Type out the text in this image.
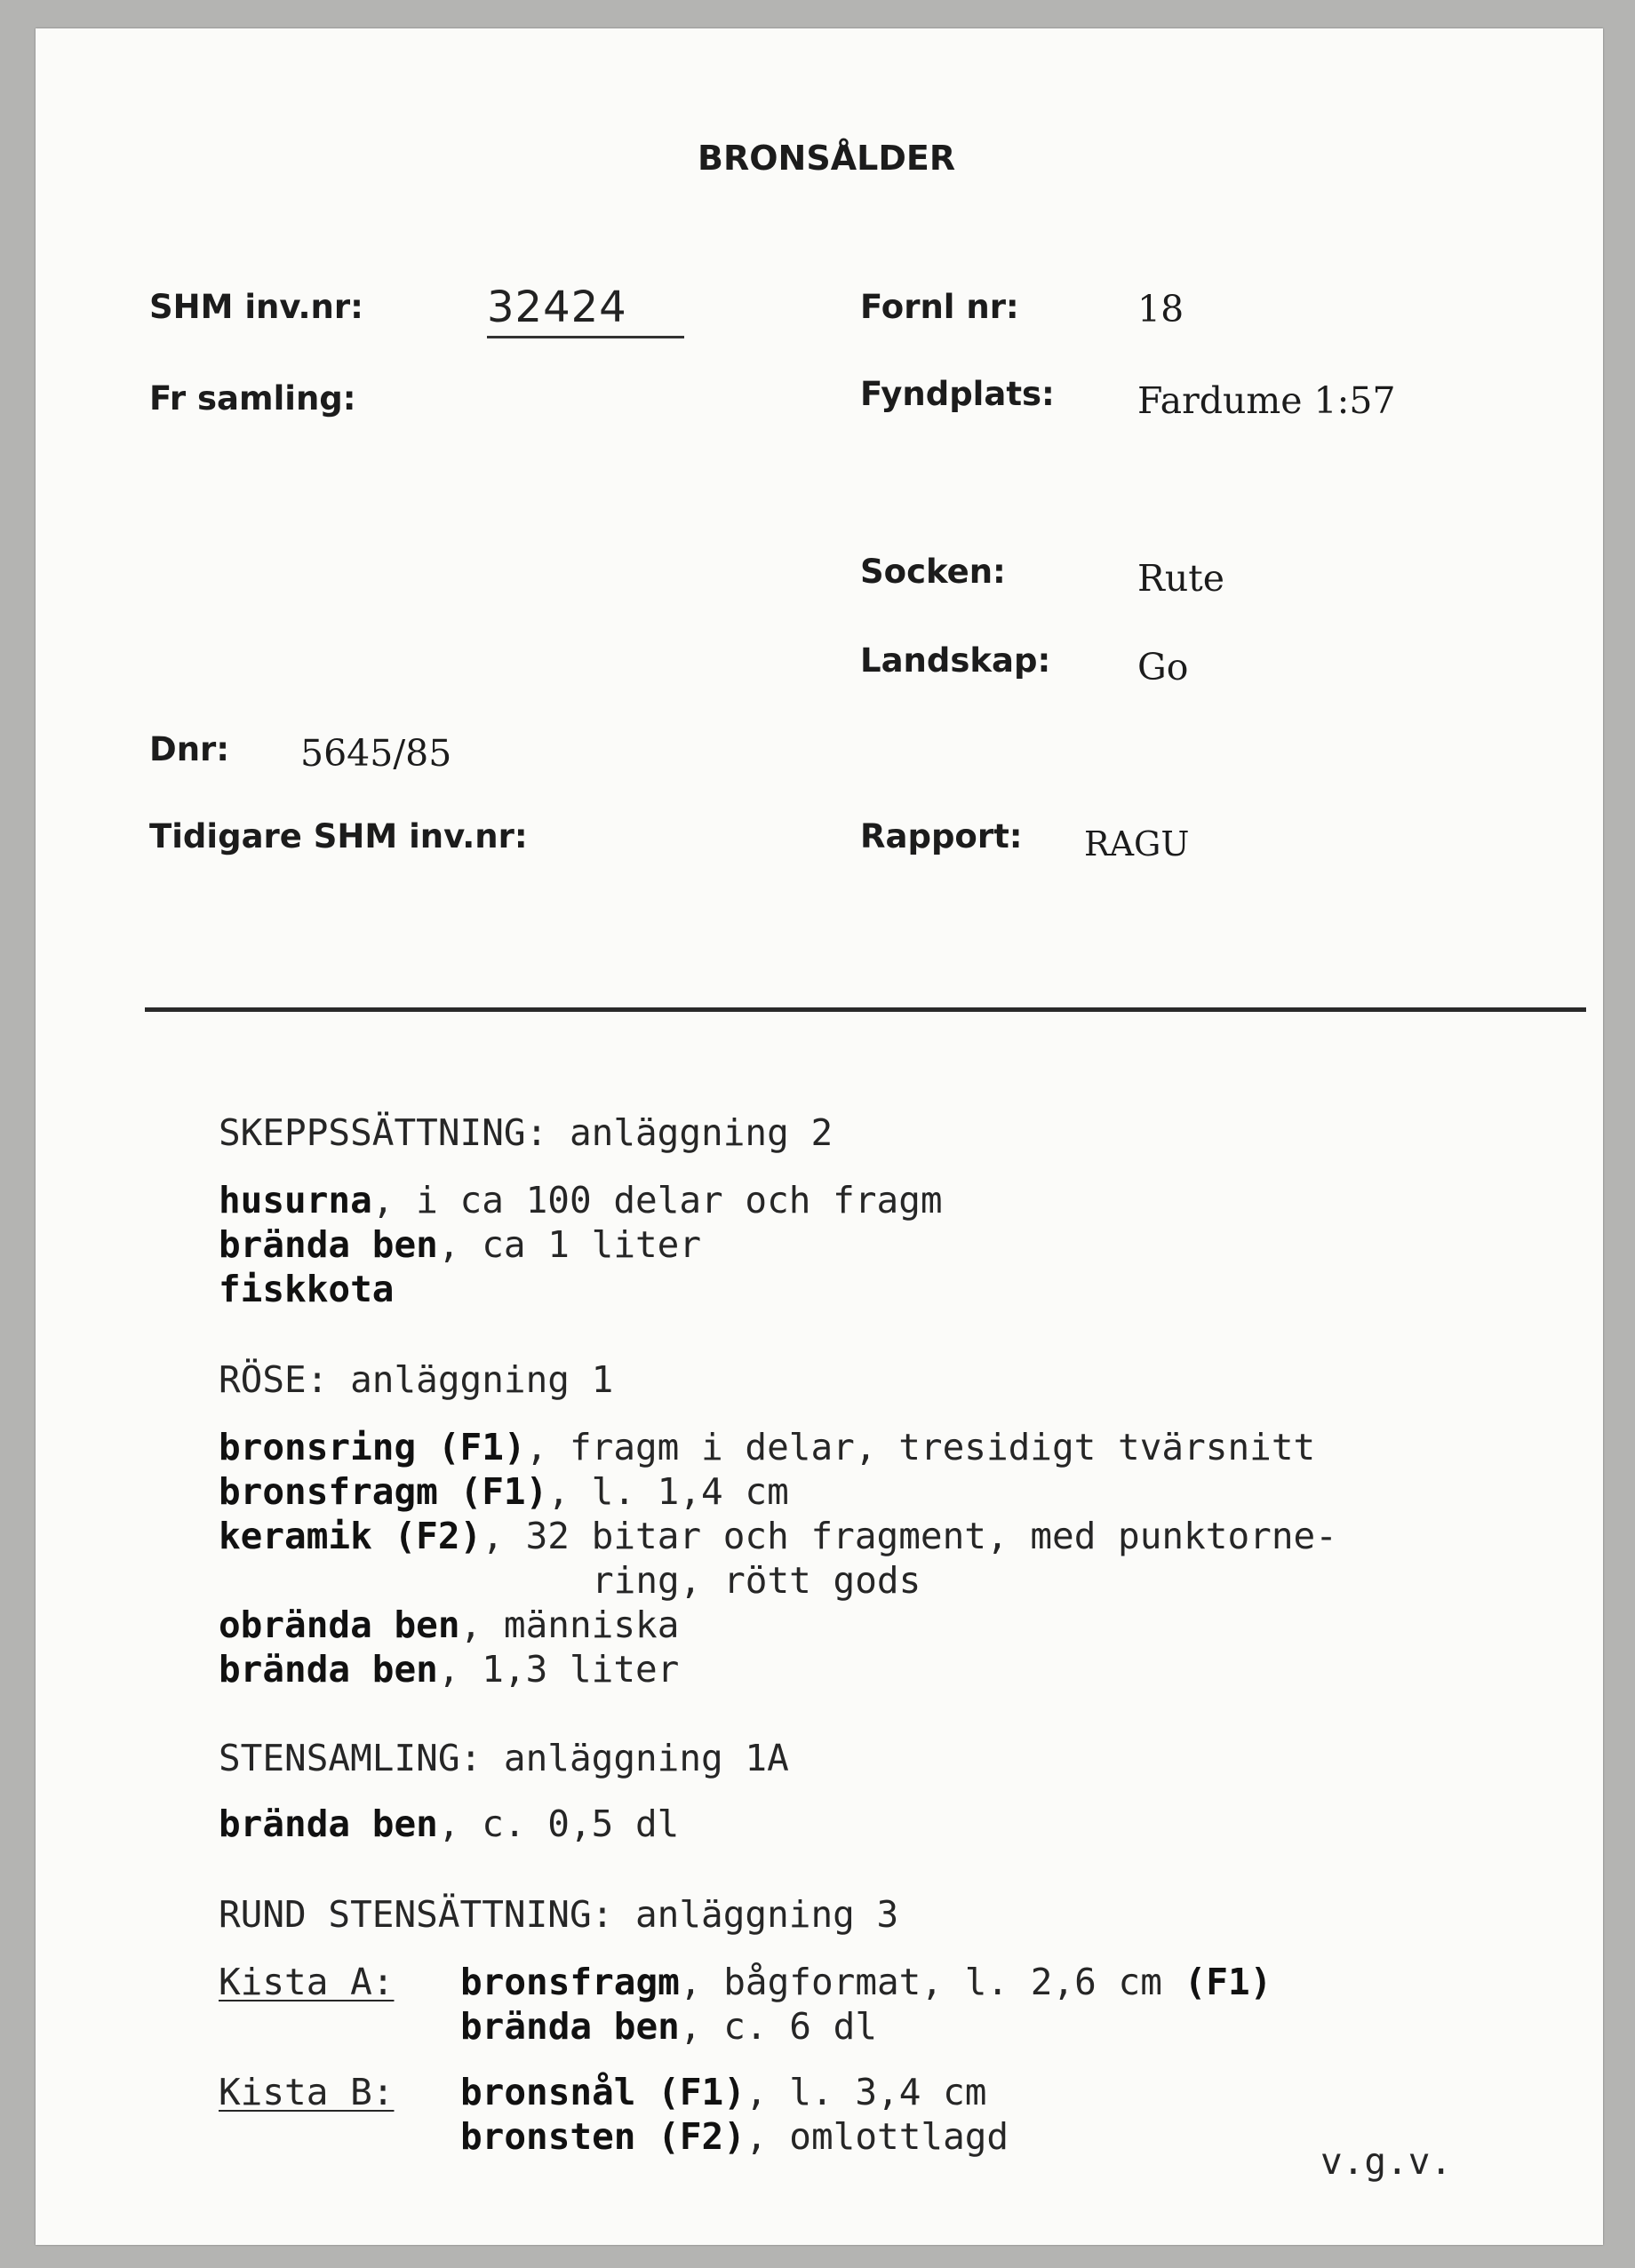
BRONSÅLDER
SHM inv.nr:	32424	Fornl nr:	18
Fr samling:	Fyndplats: Fardume 1:57
Socken:	Rute
Landskap: Go
Dnr: 5645/85
Tidigare SHM inv.nr:	Rapport: RAGU
SKEPPSSÄTTNING: anläggning 2
husurna, i ca 100 delar och fragm
brända ben, ca 1 liter
fiskkota
RÖSE: anläggning 1
bronsring (F1), fragm i delar, tresidigt tvärsnitt
bronsfragm (F1), l. 1,4 cm
keramik (F2), 32 bitar och fragment, med punktorne-
ring, rött gods
obrända ben, människa
brända ben, 1,3 liter
STENSAMLING: anläggning 1A
brända ben, c. 0,5 dl
RUND STENSÄTTNING: anläggning 3
Kista A: bronsfragm, bågformat, l. 2,6 cm (F1)
brända ben, c. 6 dl
Kista B: bronsnål (F1), l. 3,4 cm
bronsten (F2), omlottlagd
v.g.v.
